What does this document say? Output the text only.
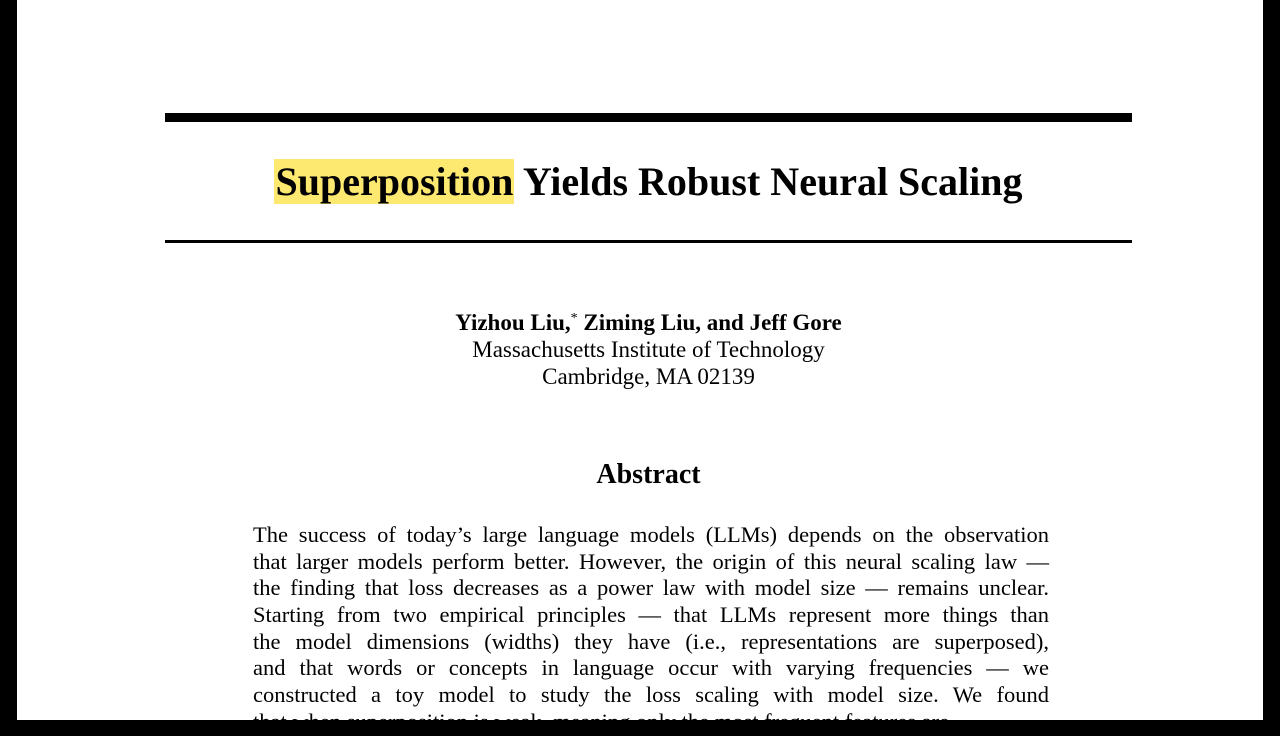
Superposition Yields Robust Neural Scaling
Yizhou Liu,* Ziming Liu, and Jeff Gore
Massachusetts Institute of Technology
Cambridge, MA 02139
Abstract
The success of today’s large language models (LLMs) depends on the observation
that larger models perform better. However, the origin of this neural scaling law —
the finding that loss decreases as a power law with model size — remains unclear.
Starting from two empirical principles — that LLMs represent more things than
the model dimensions (widths) they have (i.e., representations are superposed),
and that words or concepts in language occur with varying frequencies — we
constructed a toy model to study the loss scaling with model size. We found
that when superposition is weak, meaning only the most frequent features are
